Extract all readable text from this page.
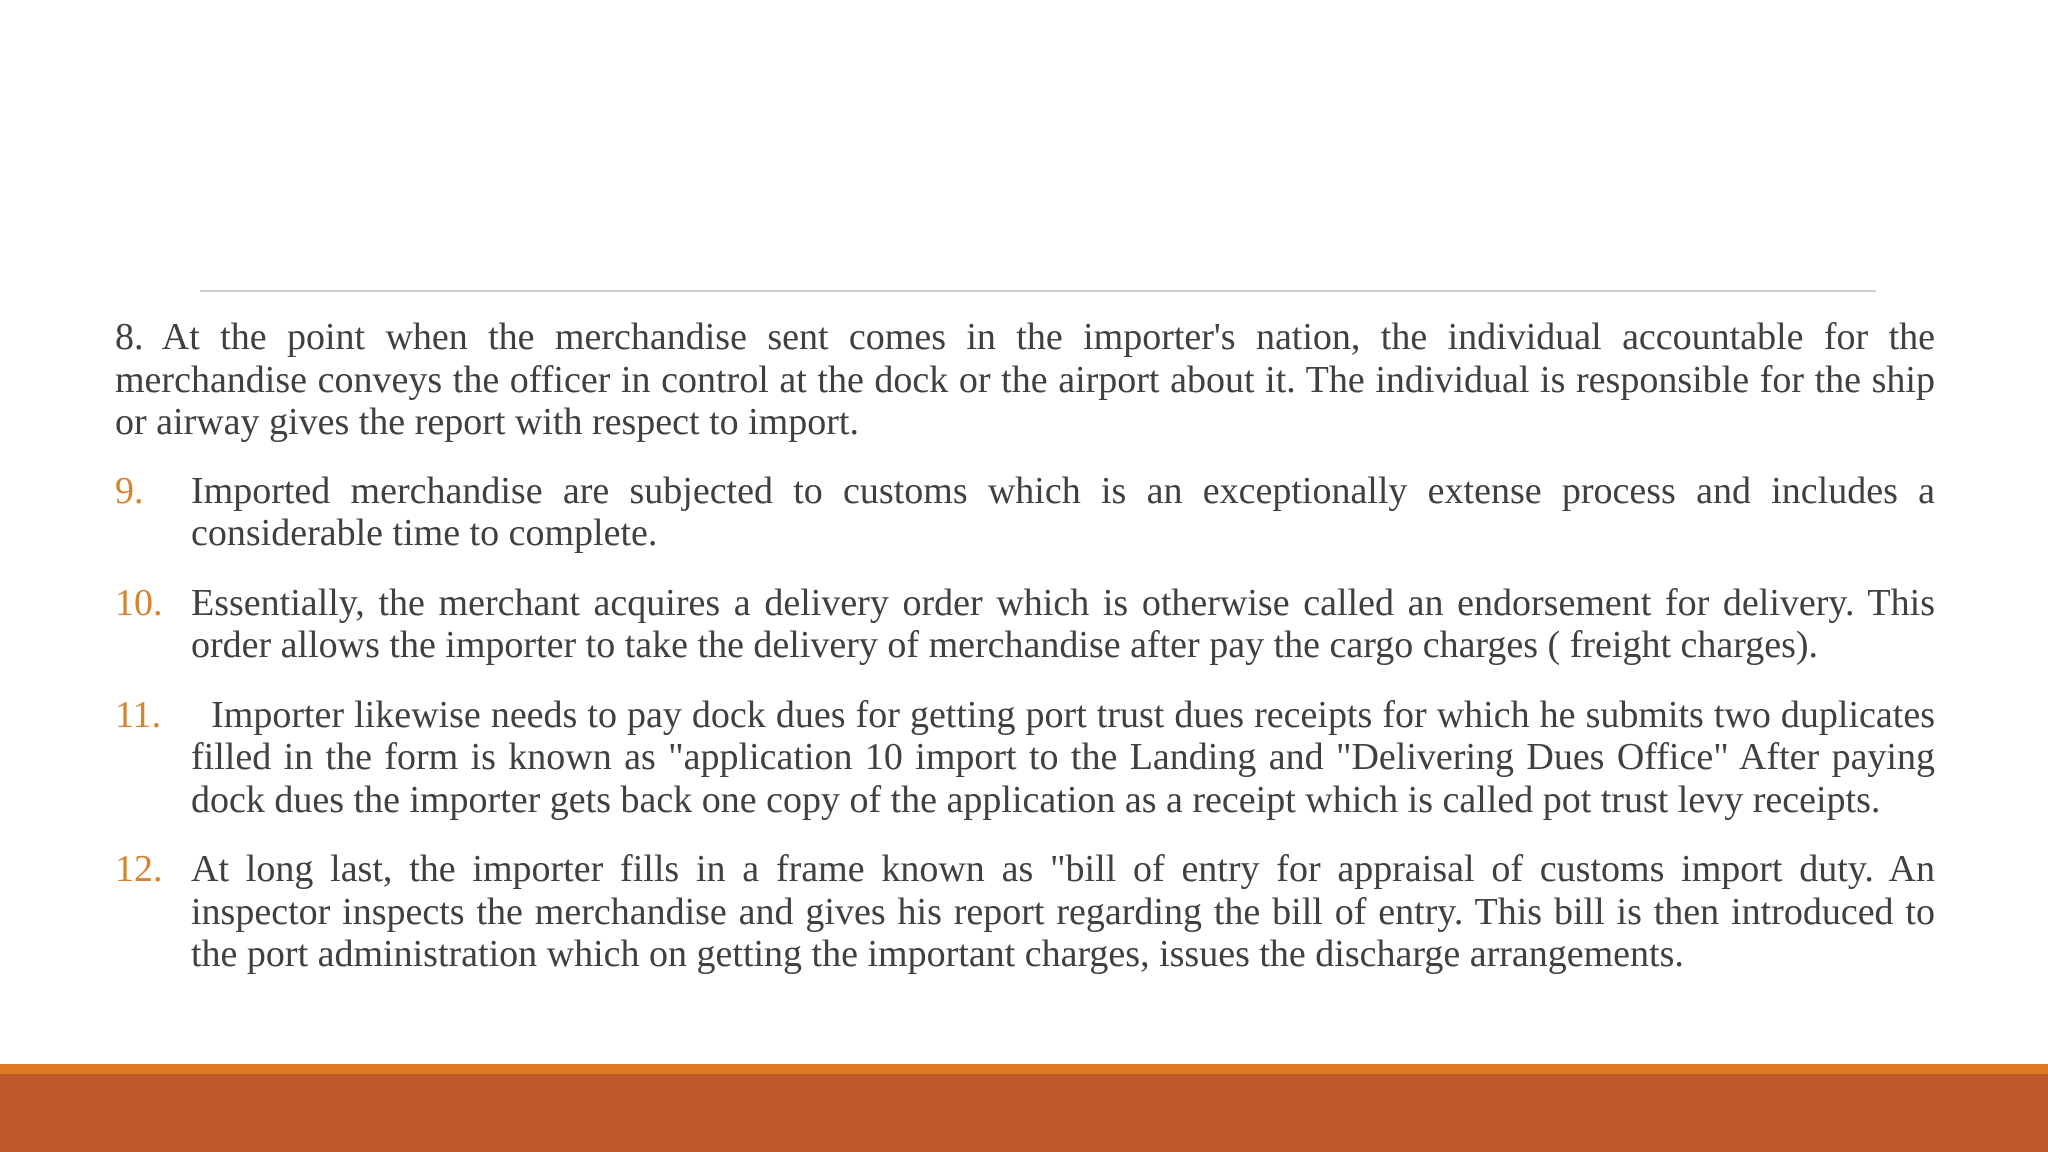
8. At the point when the merchandise sent comes in the importer's nation, the individual accountable for the merchandise conveys the officer in control at the dock or the airport about it. The individual is responsible for the ship or airway gives the report with respect to import.

9. Imported merchandise are subjected to customs which is an exceptionally extense process and includes a considerable time to complete.
10. Essentially, the merchant acquires a delivery order which is otherwise called an endorsement for delivery. This order allows the importer to take the delivery of merchandise after pay the cargo charges ( freight charges).
11. Importer likewise needs to pay dock dues for getting port trust dues receipts for which he submits two duplicates filled in the form is known as "application 10 import to the Landing and "Delivering Dues Office" After paying dock dues the importer gets back one copy of the application as a receipt which is called pot trust levy receipts.
12. At long last, the importer fills in a frame known as "bill of entry for appraisal of customs import duty. An inspector inspects the merchandise and gives his report regarding the bill of entry. This bill is then introduced to the port administration which on getting the important charges, issues the discharge arrangements.
